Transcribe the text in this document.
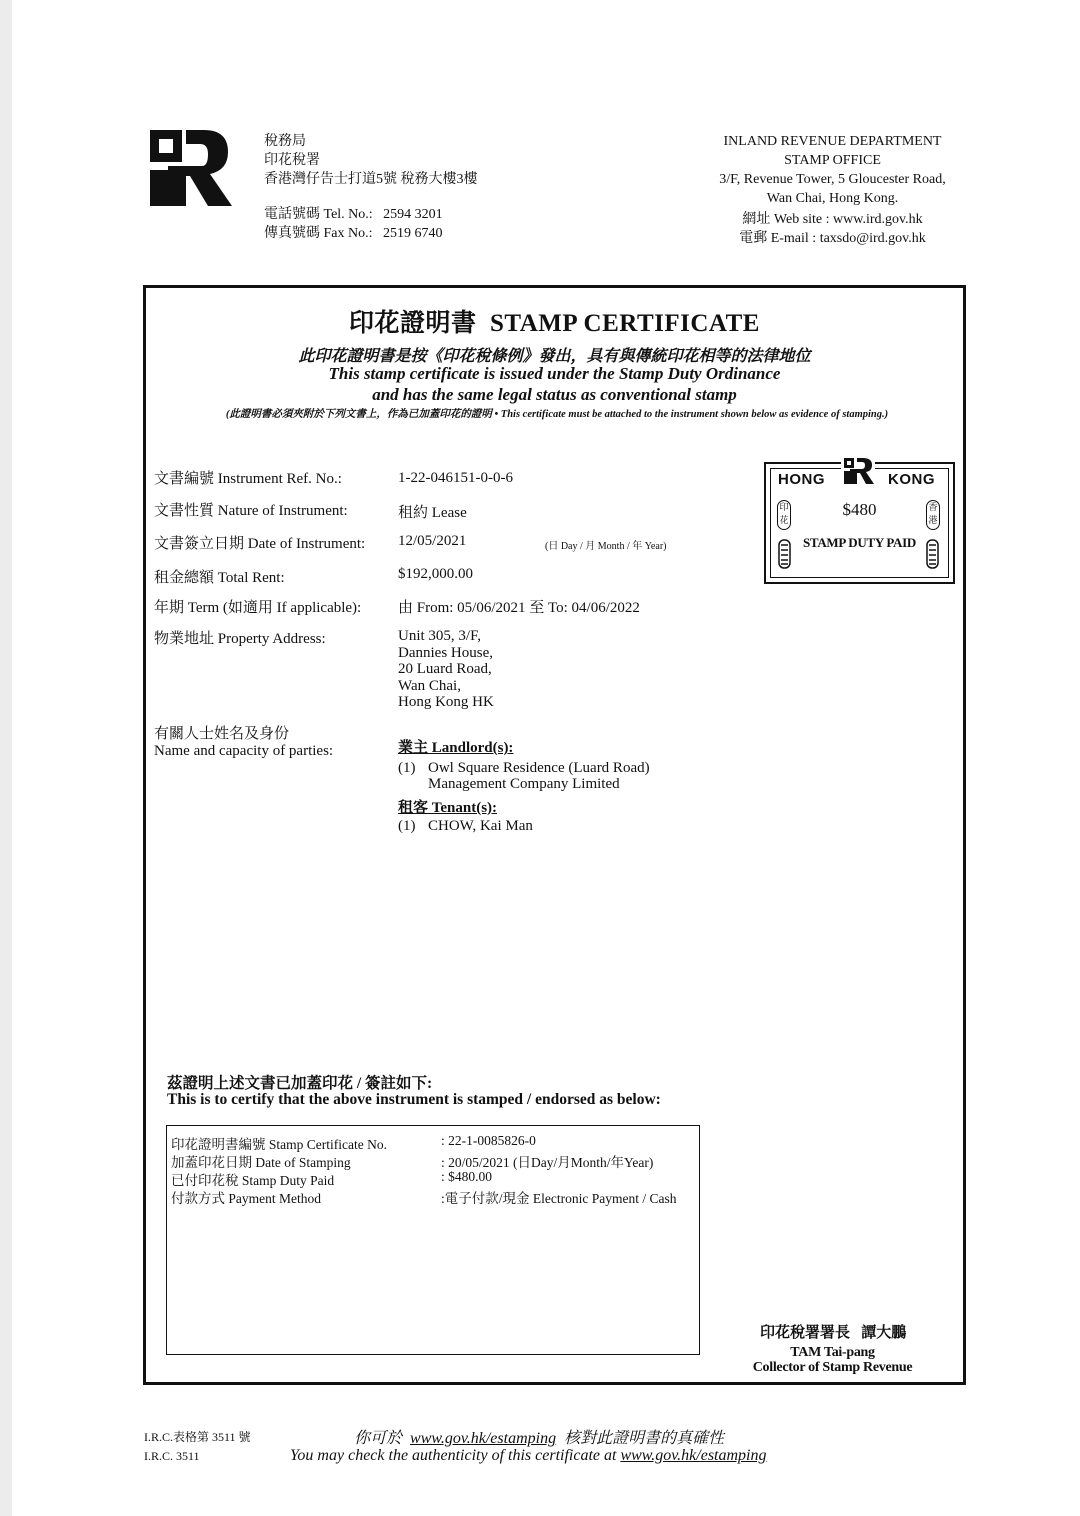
稅務局
印花稅署
香港灣仔告士打道5號 稅務大樓3樓
電話號碼 Tel. No.:   2594 3201
傳真號碼 Fax No.:   2519 6740
INLAND REVENUE DEPARTMENT
STAMP OFFICE
3/F, Revenue Tower, 5 Gloucester Road,
Wan Chai, Hong Kong.
網址 Web site : www.ird.gov.hk
電郵 E-mail : taxsdo@ird.gov.hk
印花證明書  STAMP CERTIFICATE
此印花證明書是按《印花稅條例》發出，具有與傳統印花相等的法律地位
This stamp certificate is issued under the Stamp Duty Ordinance
and has the same legal status as conventional stamp
(此證明書必須夾附於下列文書上，作為已加蓋印花的證明 • This certificate must be attached to the instrument shown below as evidence of stamping.)
文書編號 Instrument Ref. No.:	1-22-046151-0-0-6
文書性質 Nature of Instrument:	租約 Lease
文書簽立日期 Date of Instrument: 12/05/2021	(日 Day / 月 Month / 年 Year)
租金總額 Total Rent:	$192,000.00
年期 Term (如適用 If applicable): 由 From: 05/06/2021 至 To: 04/06/2022
物業地址 Property Address:	Unit 305, 3/F,
Dannies House,
20 Luard Road,
Wan Chai,
Hong Kong HK
有關人士姓名及身份
Name and capacity of parties:	業主 Landlord(s):
(1) Owl Square Residence (Luard Road)
Management Company Limited
租客 Tenant(s):
(1) CHOW, Kai Man
HONG	KONG
$480
STAMP DUTY PAID
印花
香港
茲證明上述文書已加蓋印花 / 簽註如下:
This is to certify that the above instrument is stamped / endorsed as below:
印花證明書編號 Stamp Certificate No.	: 22-1-0085826-0
加蓋印花日期 Date of Stamping	: 20/05/2021 (日Day/月Month/年Year)
已付印花稅 Stamp Duty Paid	: $480.00
付款方式 Payment Method	:電子付款/現金 Electronic Payment / Cash
印花稅署署長   譚大鵬
TAM Tai-pang
Collector of Stamp Revenue
I.R.C.表格第 3511 號
I.R.C. 3511
你可於  www.gov.hk/estamping  核對此證明書的真確性
You may check the authenticity of this certificate at www.gov.hk/estamping
